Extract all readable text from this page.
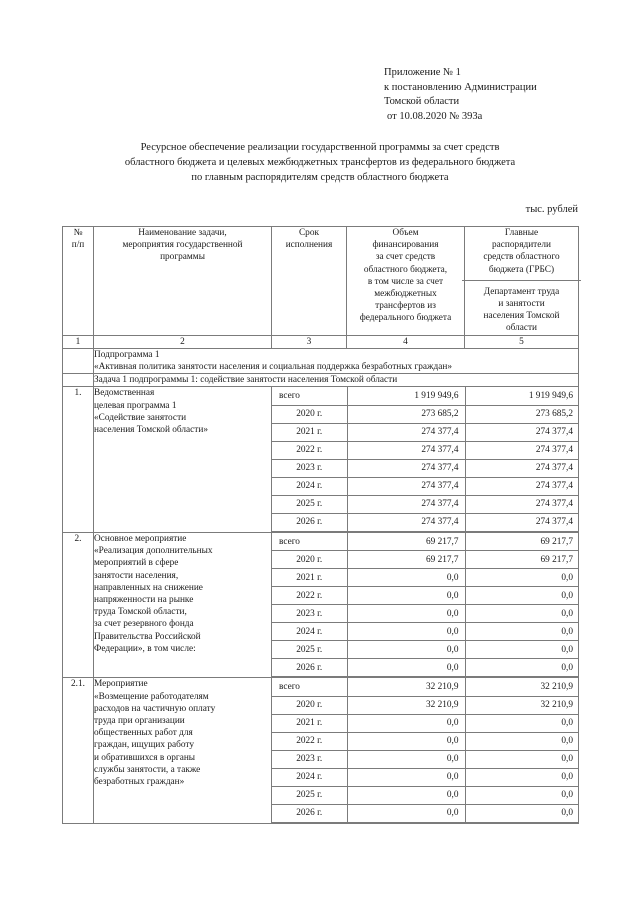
Приложение № 1
к постановлению Администрации
Томской области
от 10.08.2020 № 393а
Ресурсное обеспечение реализации государственной программы за счет средств
областного бюджета и целевых межбюджетных трансфертов из федерального бюджета
по главным распорядителям средств областного бюджета
тыс. рублей
№
п/п

Наименование задачи,
мероприятия государственной
программы

Срок
исполнения

Объем
финансирования
за счет средств
областного бюджета,
в том числе за счет
межбюджетных
трансфертов из
федерального бюджета

Главные
распорядители
средств областного
бюджета (ГРБС)
Департамент труда
и занятости
населения Томской
области

1	2	3	4	5

Подпрограмма 1
«Активная политика занятости населения и социальная поддержка безработных граждан»

Задача 1 подпрограммы 1: содействие занятости населения Томской области

1.	Ведомственная
целевая программа 1
«Содействие занятости
населения Томской области»

всего	1 919 949,6	1 919 949,6
2020 г.	273 685,2	273 685,2
2021 г.	274 377,4	274 377,4
2022 г.	274 377,4	274 377,4
2023 г.	274 377,4	274 377,4
2024 г.	274 377,4	274 377,4
2025 г.	274 377,4	274 377,4
2026 г.	274 377,4	274 377,4

2.	Основное мероприятие
«Реализация дополнительных
мероприятий в сфере
занятости населения,
направленных на снижение
напряженности на рынке
труда Томской области,
за счет резервного фонда
Правительства Российской
Федерации», в том числе:

всего	69 217,7	69 217,7
2020 г.	69 217,7	69 217,7
2021 г.	0,0	0,0
2022 г.	0,0	0,0
2023 г.	0,0	0,0
2024 г.	0,0	0,0
2025 г.	0,0	0,0
2026 г.	0,0	0,0

2.1.	Мероприятие
«Возмещение работодателям
расходов на частичную оплату
труда при организации
общественных работ для
граждан, ищущих работу
и обратившихся в органы
службы занятости, а также
безработных граждан»

всего	32 210,9	32 210,9
2020 г.	32 210,9	32 210,9
2021 г.	0,0	0,0
2022 г.	0,0	0,0
2023 г.	0,0	0,0
2024 г.	0,0	0,0
2025 г.	0,0	0,0
2026 г.	0,0	0,0
